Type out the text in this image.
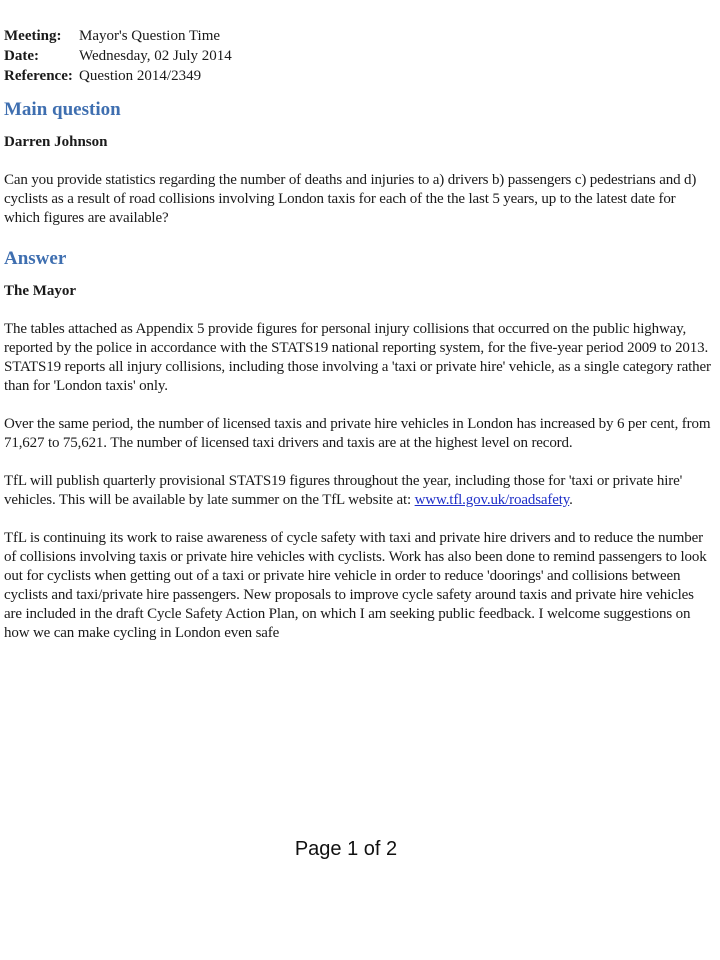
Meeting:	Mayor's Question Time
Date:	Wednesday, 02 July 2014
Reference:	Question 2014/2349
Main question
Darren Johnson

Can you provide statistics regarding the number of deaths and injuries to a) drivers b) passengers c) pedestrians and d) cyclists as a result of road collisions involving London taxis for each of the the last 5 years, up to the latest date for which figures are available?

Answer
The Mayor

The tables attached as Appendix 5 provide figures for personal injury collisions that occurred on the public highway, reported by the police in accordance with the STATS19 national reporting system, for the five-year period 2009 to 2013. STATS19 reports all injury collisions, including those involving a 'taxi or private hire' vehicle, as a single category rather than for 'London taxis' only.

Over the same period, the number of licensed taxis and private hire vehicles in London has increased by 6 per cent, from 71,627 to 75,621. The number of licensed taxi drivers and taxis are at the highest level on record.

TfL will publish quarterly provisional STATS19 figures throughout the year, including those for 'taxi or private hire' vehicles. This will be available by late summer on the TfL website at: www.tfl.gov.uk/roadsafety.

TfL is continuing its work to raise awareness of cycle safety with taxi and private hire drivers and to reduce the number of collisions involving taxis or private hire vehicles with cyclists. Work has also been done to remind passengers to look out for cyclists when getting out of a taxi or private hire vehicle in order to reduce 'doorings' and collisions between cyclists and taxi/private hire passengers. New proposals to improve cycle safety around taxis and private hire vehicles are included in the draft Cycle Safety Action Plan, on which I am seeking public feedback. I welcome suggestions on how we can make cycling in London even safe

Page 1 of 2
